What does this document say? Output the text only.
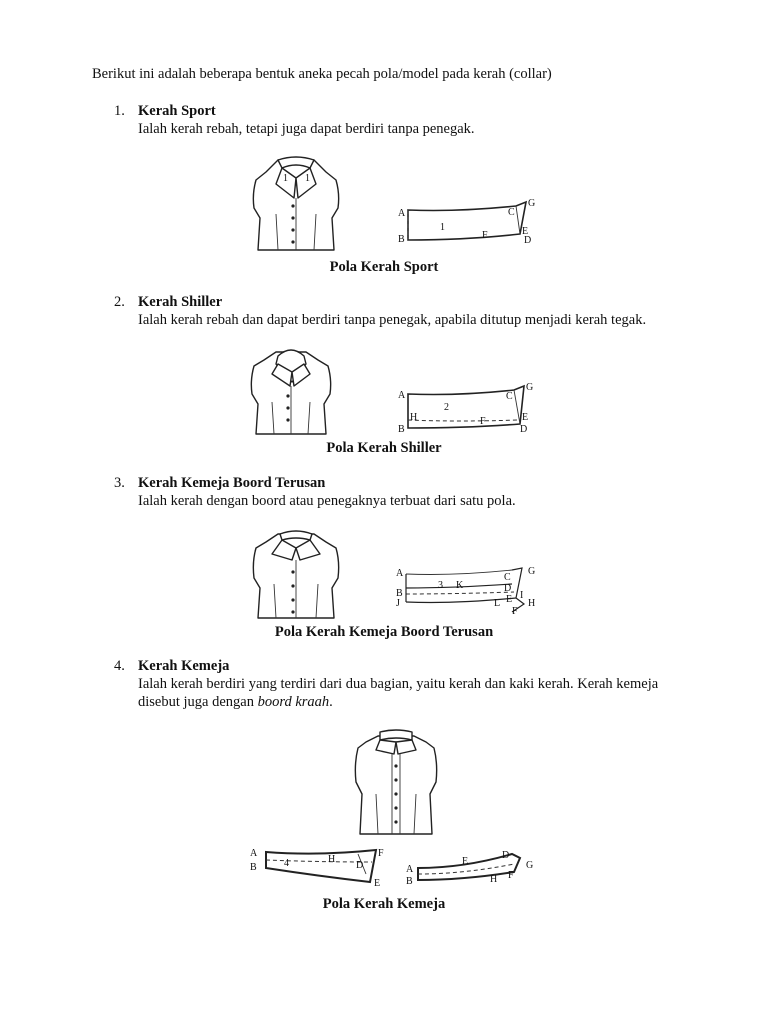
Berikut ini adalah beberapa bentuk aneka pecah pola/model pada kerah (collar)
1. Kerah Sport
Ialah kerah rebah, tetapi juga dapat berdiri tanpa penegak.
1 1
A
B
C
G
E
D
F
1
Pola Kerah Sport
2. Kerah Shiller
Ialah kerah rebah dan dapat berdiri tanpa penegak, apabila ditutup menjadi kerah tegak.
A
B
H
C
G
E
D
F
2
Pola Kerah Shiller
3. Kerah Kemeja Boord Terusan
Ialah kerah dengan boord atau penegaknya terbuat dari satu pola.
A
B
J
3 K
C
G
D
I
E H
L
F
Pola Kerah Kemeja Boord Terusan
4. Kerah Kemeja
Ialah kerah berdiri yang terdiri dari dua bagian, yaitu kerah dan kaki kerah. Kerah kemeja
disebut juga dengan boord kraah.
A
B	4	H
D
F
E
A
B
E
D
G
H F
Pola Kerah Kemeja
